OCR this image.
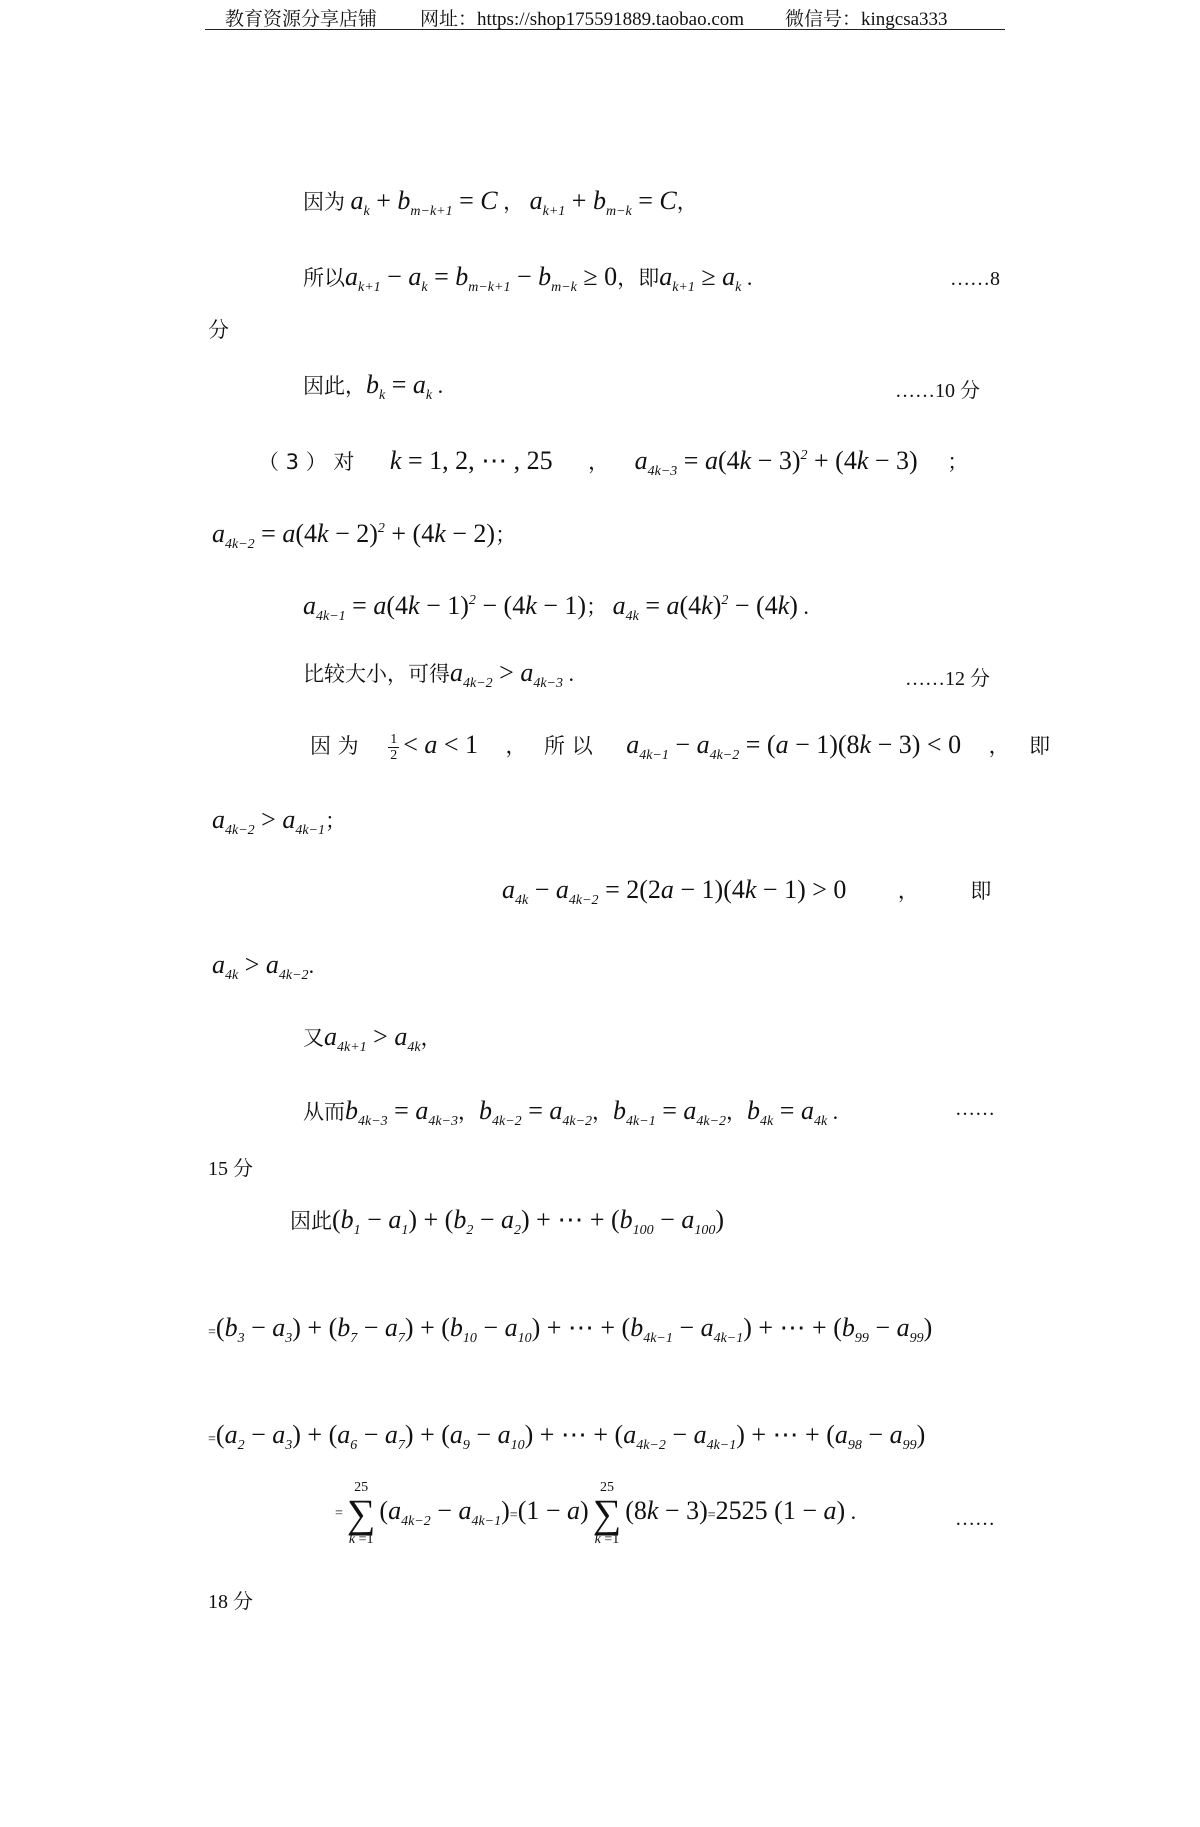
教育资源分享店铺 网址：https://shop175591889.taobao.com 微信号：kingcsa333
因为 $a_k + b_{m-k+1} = C$ ， $a_{k+1} + b_{m-k} = C$，
所以$a_{k+1} - a_k = b_{m-k+1} - b_{m-k} \ge 0$，即$a_{k+1} \ge a_k$ .	……8
分
因此，$b_k = a_k$ .	……10 分
（ 3 ） 对 k = 1, 2, ⋯ , 25 ， $a_{4k-3} = a(4k - 3)^2 + (4k - 3)$ ；
$a_{4k-2} = a(4k - 2)^2 + (4k - 2)$；
$a_{4k-1} = a(4k - 1)^2 - (4k - 1)$； $a_{4k} = a(4k)^2 - (4k)$ .
比较大小，可得$a_{4k-2} > a_{4k-3}$ .	……12 分
因 为 $\frac{1}{2} < a < 1$ ， 所 以 $a_{4k-1} - a_{4k-2} = (a - 1)(8k - 3) < 0$ ， 即
$a_{4k-2} > a_{4k-1}$；
$a_{4k} - a_{4k-2} = 2(2a - 1)(4k - 1) > 0$ ， 即
$a_{4k} > a_{4k-2}$.
又$a_{4k+1} > a_{4k}$，
从而$b_{4k-3} = a_{4k-3}$，$b_{4k-2} = a_{4k-2}$，$b_{4k-1} = a_{4k-2}$，$b_{4k} = a_{4k}$ .	……
15 分
因此$(b_1 - a_1) + (b_2 - a_2)$ + ⋯ + $(b_{100} - a_{100})$
$=(b_3 - a_3) + (b_7 - a_7) + (b_{10} - a_{10})$ + ⋯ + $(b_{4k-1} - a_{4k-1})$ + ⋯ + $(b_{99} - a_{99})$
$=(a_2 - a_3) + (a_6 - a_7) + (a_9 - a_{10})$ + ⋯ + $(a_{4k-2} - a_{4k-1})$ + ⋯ + $(a_{98} - a_{99})$
=
25
∑
k =1
$(a_{4k-2} - a_{4k-1})=(1 - a)$
25
∑
k =1
(8k − 3)=2525 (1 − a) .	……
18 分
